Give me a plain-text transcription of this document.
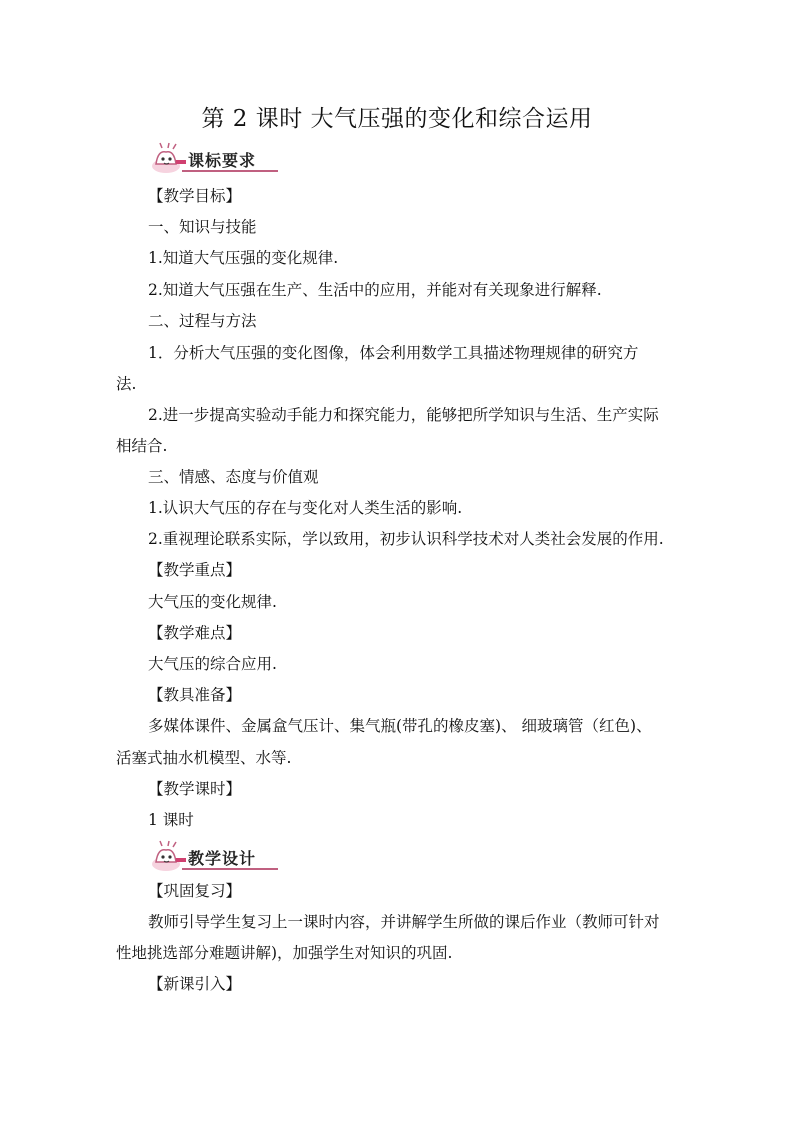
第 2 课时 大气压强的变化和综合运用
课标要求
【教学目标】
一、知识与技能
1.知道大气压强的变化规律.
2.知道大气压强在生产、生活中的应用，并能对有关现象进行解释.
二、过程与方法
1．分析大气压强的变化图像，体会利用数学工具描述物理规律的研究方
法.
2.进一步提高实验动手能力和探究能力，能够把所学知识与生活、生产实际
相结合.
三、情感、态度与价值观
1.认识大气压的存在与变化对人类生活的影响.
2.重视理论联系实际，学以致用，初步认识科学技术对人类社会发展的作用.
【教学重点】
大气压的变化规律.
【教学难点】
大气压的综合应用.
【教具准备】
多媒体课件、金属盒气压计、集气瓶(带孔的橡皮塞)、 细玻璃管（红色)、
活塞式抽水机模型、水等.
【教学课时】
1 课时
教学设计
【巩固复习】
教师引导学生复习上一课时内容，并讲解学生所做的课后作业（教师可针对
性地挑选部分难题讲解)，加强学生对知识的巩固.
【新课引入】
